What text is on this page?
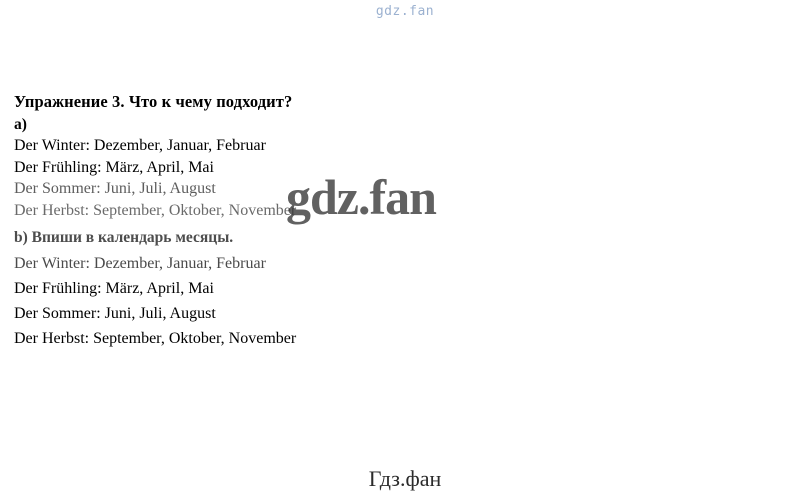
gdz.fan

Упражнение 3. Что к чему подходит?

a)

Der Winter: Dezember, Januar, Februar

Der Frühling: März, April, Mai

Der Sommer: Juni, Juli, August

Der Herbst: September, Oktober, November

b) Впиши в календарь месяцы.

Der Winter: Dezember, Januar, Februar

Der Frühling: März, April, Mai

Der Sommer: Juni, Juli, August

Der Herbst: September, Oktober, November

gdz.fan
Гдз.фан
